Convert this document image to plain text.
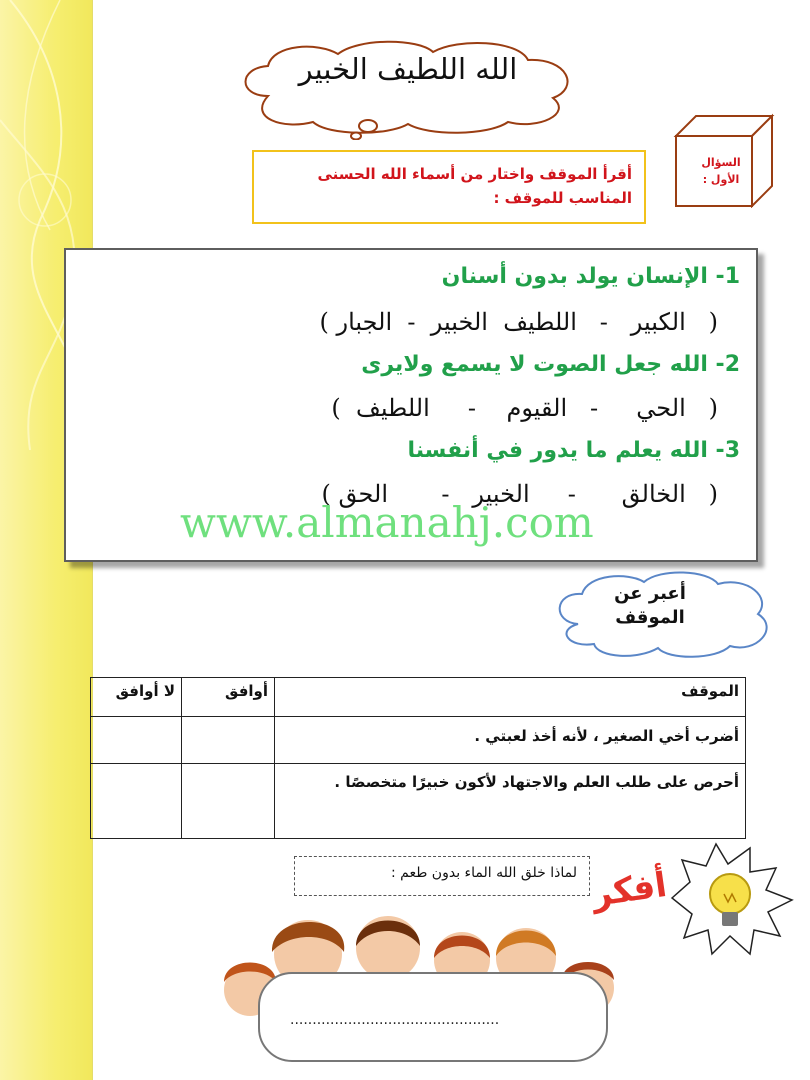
الله اللطيف الخبير
السؤال
الأول :
أقرأ الموقف واختار من أسماء الله الحسنى المناسب للموقف :
1- الإنسان يولد بدون أسنان
(   الكبير   -   اللطيف  الخبير  -  الجبار )
2- الله جعل الصوت لا يسمع ولايرى
(   الحي     -   القيوم    -     اللطيف  )
3- الله يعلم ما يدور في أنفسنا
(   الخالق      -     الخبير   -       الحق )
www.almanahj.com
أعبر عن
الموقف
الموقف	أوافق	لا أوافق
أضرب أخي الصغير ، لأنه أخذ لعبتي .		
أحرص على طلب العلم والاجتهاد لأكون خبيرًا متخصصًا .		
لماذا خلق الله الماء بدون طعم : أفكر
...............................................
